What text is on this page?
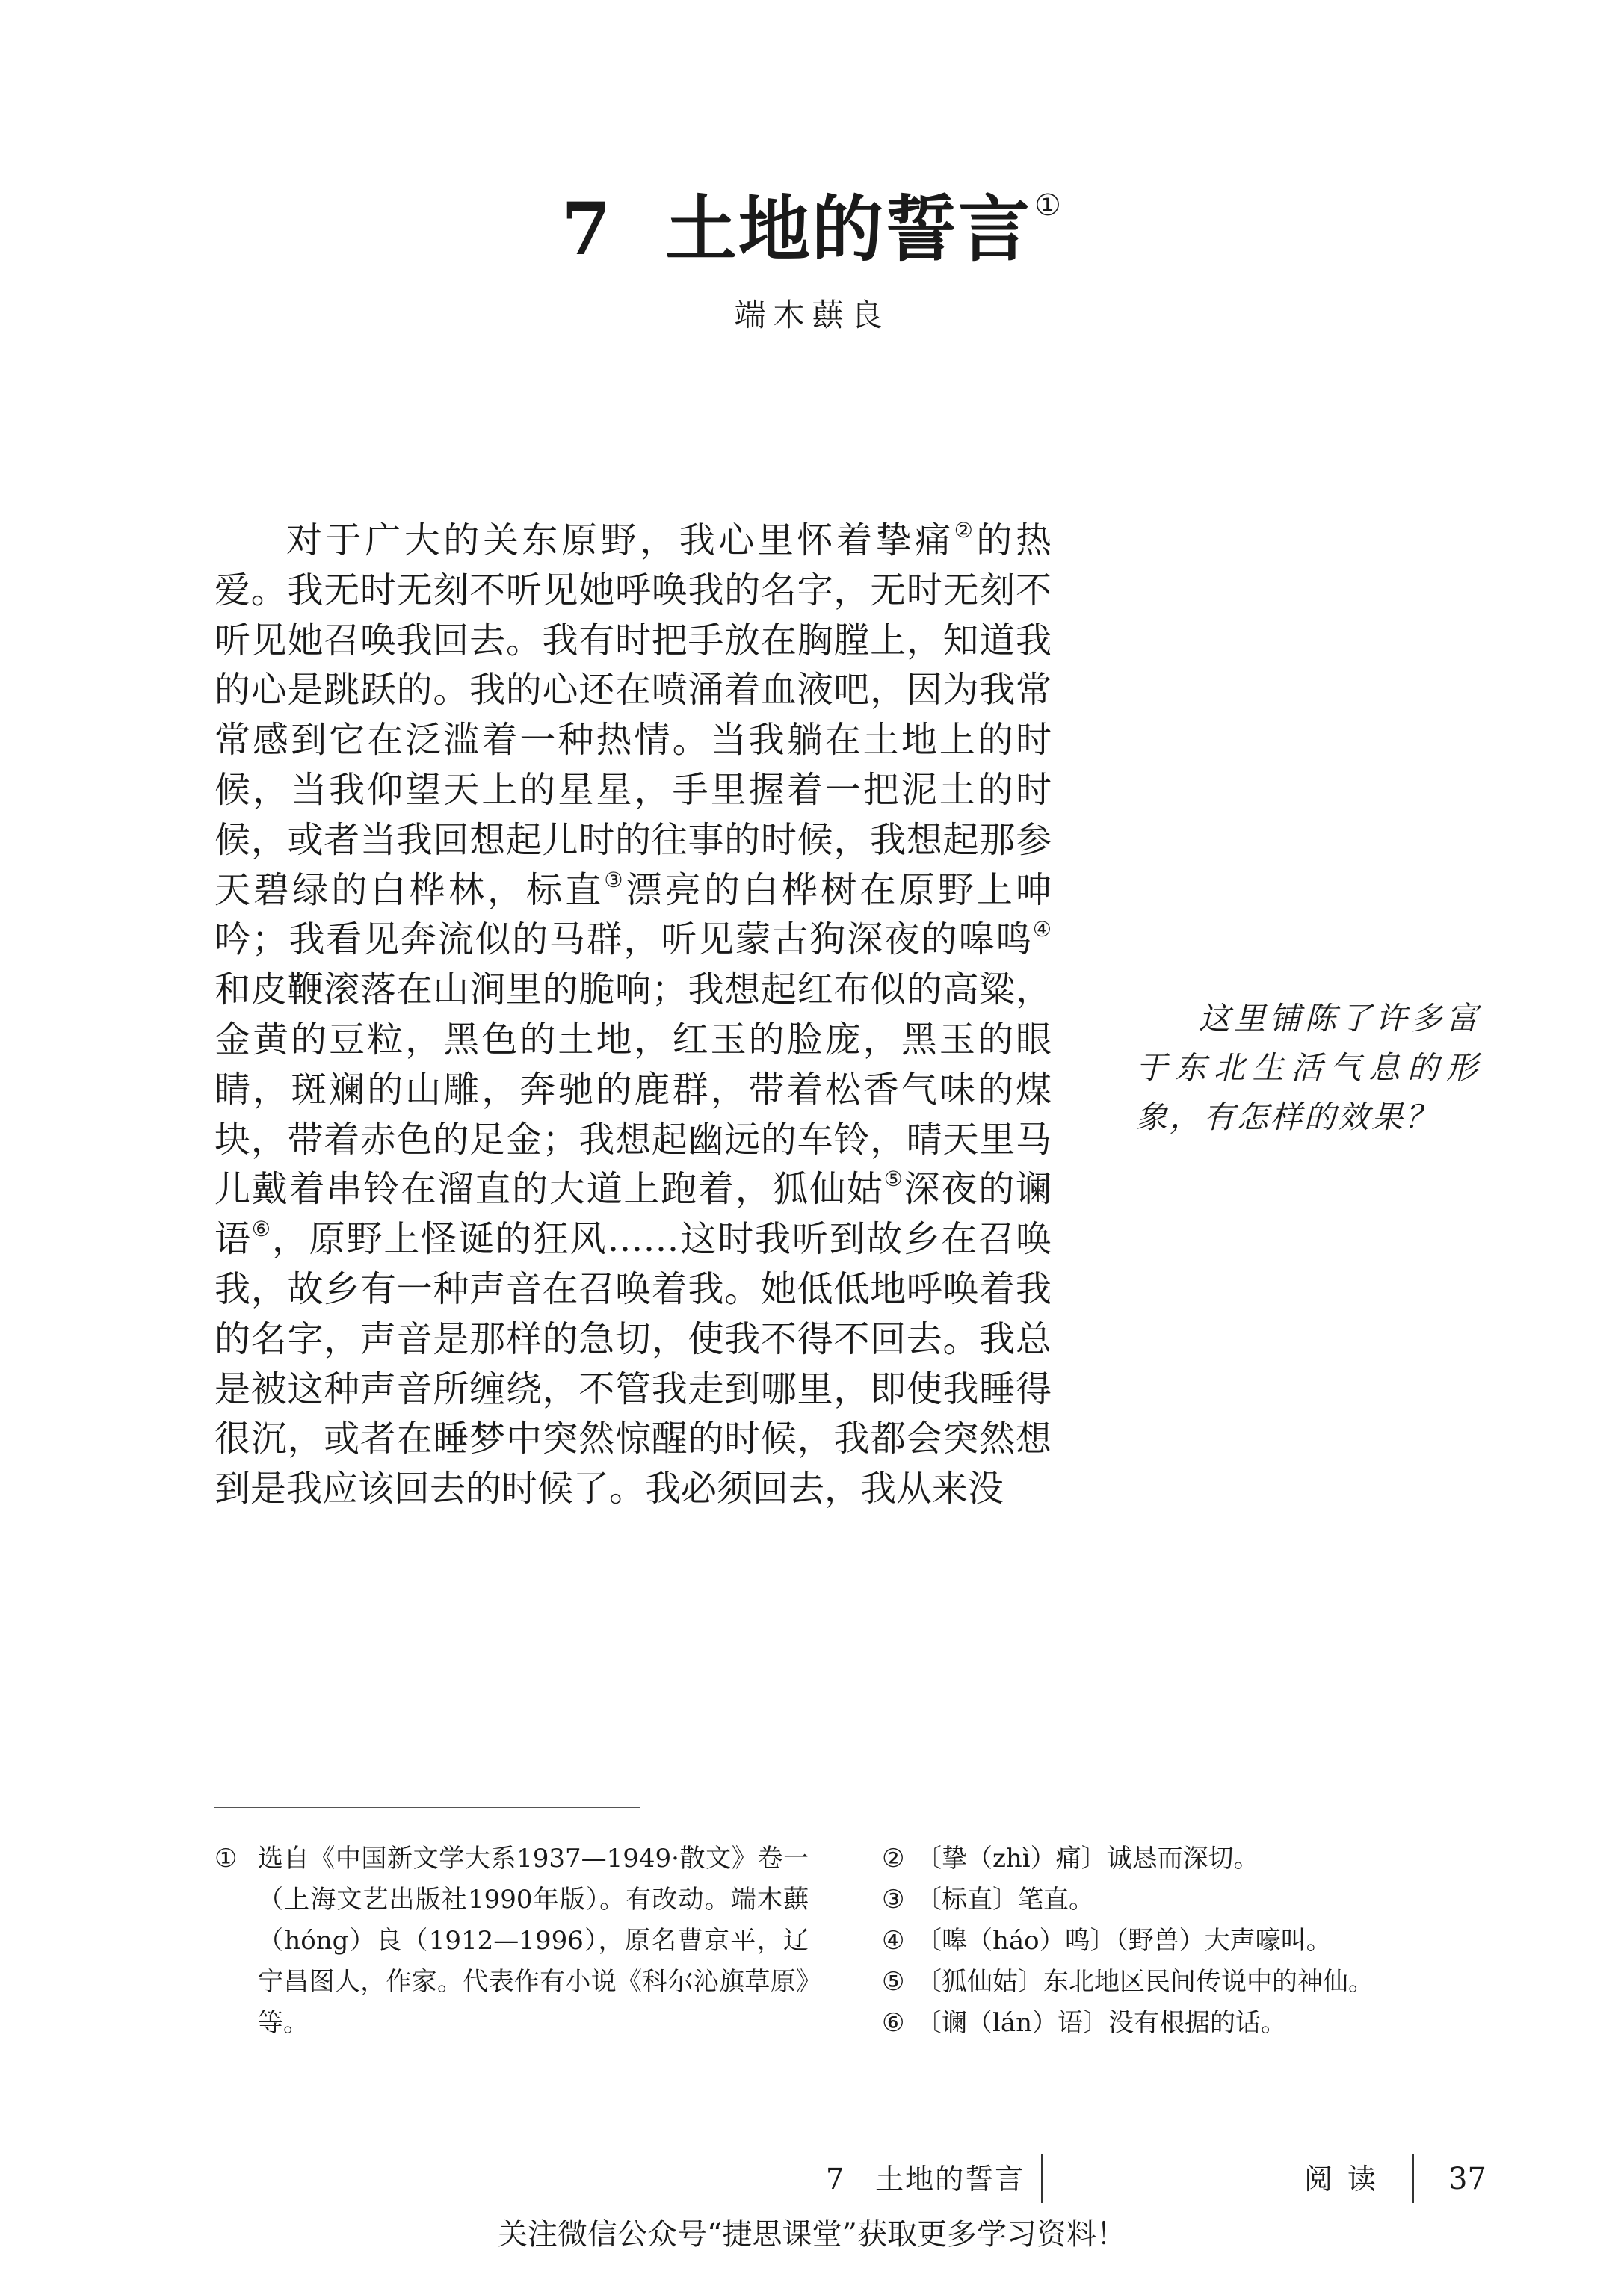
7 土地的誓言 ①
端木蕻良

对于广大的关东原野，我心里怀着挚痛②的热爱。我无时无刻不听见她呼唤我的名字，无时无刻不听见她召唤我回去。我有时把手放在胸膛上，知道我的心是跳跃的。我的心还在喷涌着血液吧，因为我常常感到它在泛滥着一种热情。当我躺在土地上的时候，当我仰望天上的星星，手里握着一把泥土的时候，或者当我回想起儿时的往事的时候，我想起那参天碧绿的白桦林，标直③漂亮的白桦树在原野上呻吟；我看见奔流似的马群，听见蒙古狗深夜的嗥鸣④和皮鞭滚落在山涧里的脆响；我想起红布似的高粱，金黄的豆粒，黑色的土地，红玉的脸庞，黑玉的眼睛，斑斓的山雕，奔驰的鹿群，带着松香气味的煤块，带着赤色的足金；我想起幽远的车铃，晴天里马儿戴着串铃在溜直的大道上跑着，狐仙姑⑤深夜的谰语⑥，原野上怪诞的狂风……这时我听到故乡在召唤我，故乡有一种声音在召唤着我。她低低地呼唤着我的名字，声音是那样的急切，使我不得不回去。我总是被这种声音所缠绕，不管我走到哪里，即使我睡得很沉，或者在睡梦中突然惊醒的时候，我都会突然想到是我应该回去的时候了。我必须回去，我从来没

这里铺陈了许多富于东北生活气息的形象，有怎样的效果？

① 选自《中国新文学大系1937—1949·散文》卷一（上海文艺出版社1990年版）。有改动。端木蕻（hóng）良（1912—1996），原名曹京平，辽宁昌图人，作家。代表作有小说《科尔沁旗草原》等。
② 〔挚（zhì）痛〕诚恳而深切。
③ 〔标直〕笔直。
④ 〔嗥（háo）鸣〕（野兽）大声嚎叫。
⑤ 〔狐仙姑〕东北地区民间传说中的神仙。
⑥ 〔谰（lán）语〕没有根据的话。
7　土地的誓言	阅读 37
关注微信公众号“捷思课堂”获取更多学习资料！
